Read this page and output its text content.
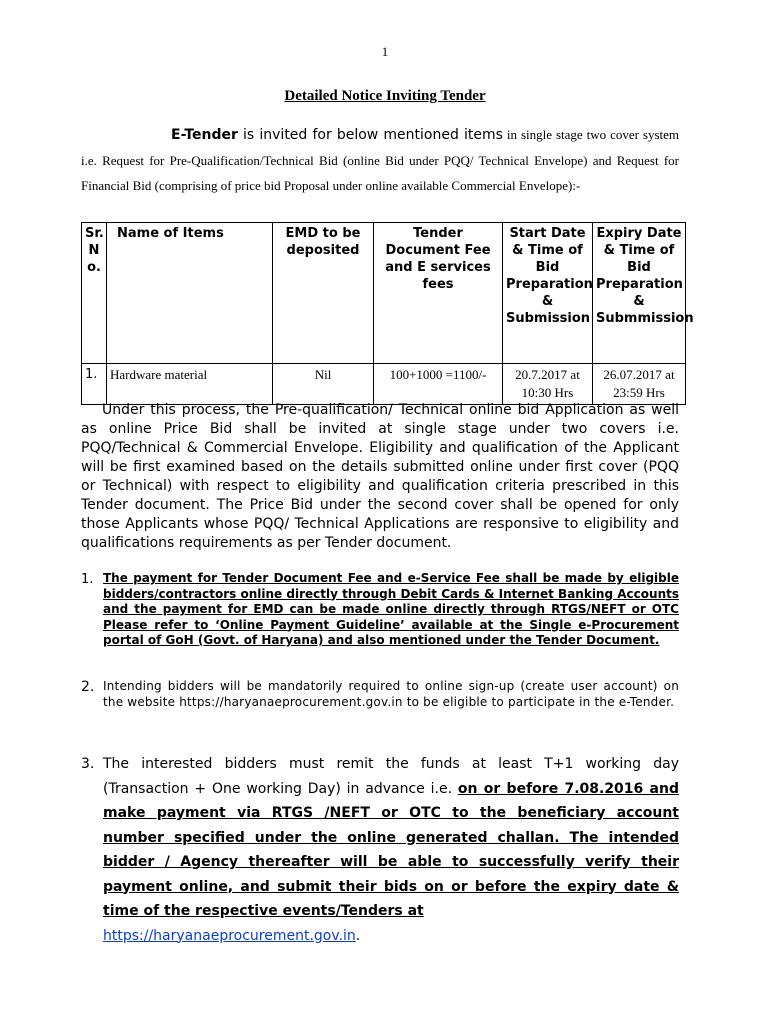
1
Detailed Notice Inviting Tender
E-Tender is invited for below mentioned items in single stage two cover system i.e. Request for Pre-Qualification/Technical Bid (online Bid under PQQ/ Technical Envelope) and Request for Financial Bid (comprising of price bid Proposal under online available Commercial Envelope):-
Sr. N o.	Name of Items	EMD to be deposited	Tender Document Fee and E services fees	Start Date & Time of Bid Preparation & Submission	Expiry Date & Time of Bid Preparation & Submmission
1.	Hardware material	Nil	100+1000 =1100/-	20.7.2017 at 10:30 Hrs	26.07.2017 at 23:59 Hrs
Under this process, the Pre-qualification/ Technical online bid Application as well as online Price Bid shall be invited at single stage under two covers i.e. PQQ/Technical & Commercial Envelope. Eligibility and qualification of the Applicant will be first examined based on the details submitted online under first cover (PQQ or Technical) with respect to eligibility and qualification criteria prescribed in this Tender document. The Price Bid under the second cover shall be opened for only those Applicants whose PQQ/ Technical Applications are responsive to eligibility and qualifications requirements as per Tender document.
1. The payment for Tender Document Fee and e-Service Fee shall be made by eligible bidders/contractors online directly through Debit Cards & Internet Banking Accounts and the payment for EMD can be made online directly through RTGS/NEFT or OTC Please refer to ‘Online Payment Guideline’ available at the Single e-Procurement portal of GoH (Govt. of Haryana) and also mentioned under the Tender Document.
2. Intending bidders will be mandatorily required to online sign-up (create user account) on the website https://haryanaeprocurement.gov.in to be eligible to participate in the e-Tender.
3. The interested bidders must remit the funds at least T+1 working day (Transaction + One working Day) in advance i.e. on or before 7.08.2016 and make payment via RTGS /NEFT or OTC to the beneficiary account number specified under the online generated challan. The intended bidder / Agency thereafter will be able to successfully verify their payment online, and submit their bids on or before the expiry date & time of the respective events/Tenders at
https://haryanaeprocurement.gov.in.
